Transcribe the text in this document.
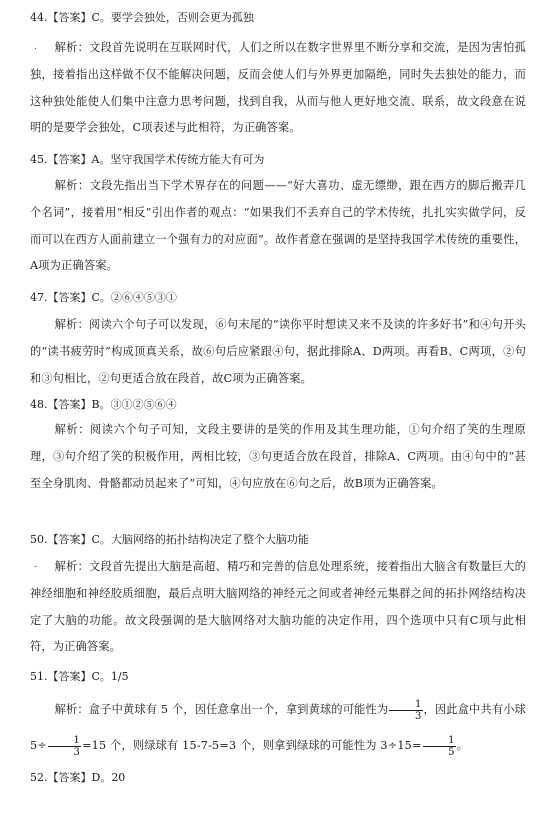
44.【答案】C。要学会独处，否则会更为孤独
.	解析：文段首先说明在互联网时代，人们之所以在数字世界里不断分享和交流，是因为害怕孤独，接着指出这样做不仅不能解决问题，反而会使人们与外界更加隔绝，同时失去独处的能力，而这种独处能使人们集中注意力思考问题，找到自我，从而与他人更好地交流、联系，故文段意在说明的是要学会独处，C项表述与此相符，为正确答案。
45.【答案】A。坚守我国学术传统方能大有可为
解析：文段先指出当下学术界存在的问题——“好大喜功、虚无缥缈，跟在西方的脚后搬弄几个名词”，接着用“相反”引出作者的观点：“如果我们不丢弃自己的学术传统，扎扎实实做学问，反而可以在西方人面前建立一个强有力的对应面”。故作者意在强调的是坚持我国学术传统的重要性，A项为正确答案。
47.【答案】C。②⑥④⑤③①
解析：阅读六个句子可以发现，⑥句末尾的“读你平时想读又来不及读的许多好书”和④句开头的“读书疲劳时”构成顶真关系，故⑥句后应紧跟④句，据此排除A、D两项。再看B、C两项，②句和③句相比，②句更适合放在段首，故C项为正确答案。
48.【答案】B。③①②⑤⑥④
解析：阅读六个句子可知，文段主要讲的是笑的作用及其生理功能，①句介绍了笑的生理原理，③句介绍了笑的积极作用，两相比较，③句更适合放在段首，排除A、C两项。由④句中的“甚至全身肌肉、骨骼都动员起来了”可知，④句应放在⑥句之后，故B项为正确答案。
50.【答案】C。大脑网络的拓扑结构决定了整个大脑功能
-	解析：文段首先提出大脑是高超、精巧和完善的信息处理系统，接着指出大脑含有数量巨大的神经细胞和神经胶质细胞，最后点明大脑网络的神经元之间或者神经元集群之间的拓扑网络结构决定了大脑的功能。故文段强调的是大脑网络对大脑功能的决定作用，四个选项中只有C项与此相符，为正确答案。
51.【答案】C。1/5
解析：盒子中黄球有 5 个，因任意拿出一个，拿到黄球的可能性为 $\frac{1}{3}$ ，因此盒中共有小球 $5\div \frac{1}{3} =15$ 个，则绿球有 15-7-5=3 个，则拿到绿球的可能性为 $3\div 15= \frac{1}{5}$ 。
52.【答案】D。20
